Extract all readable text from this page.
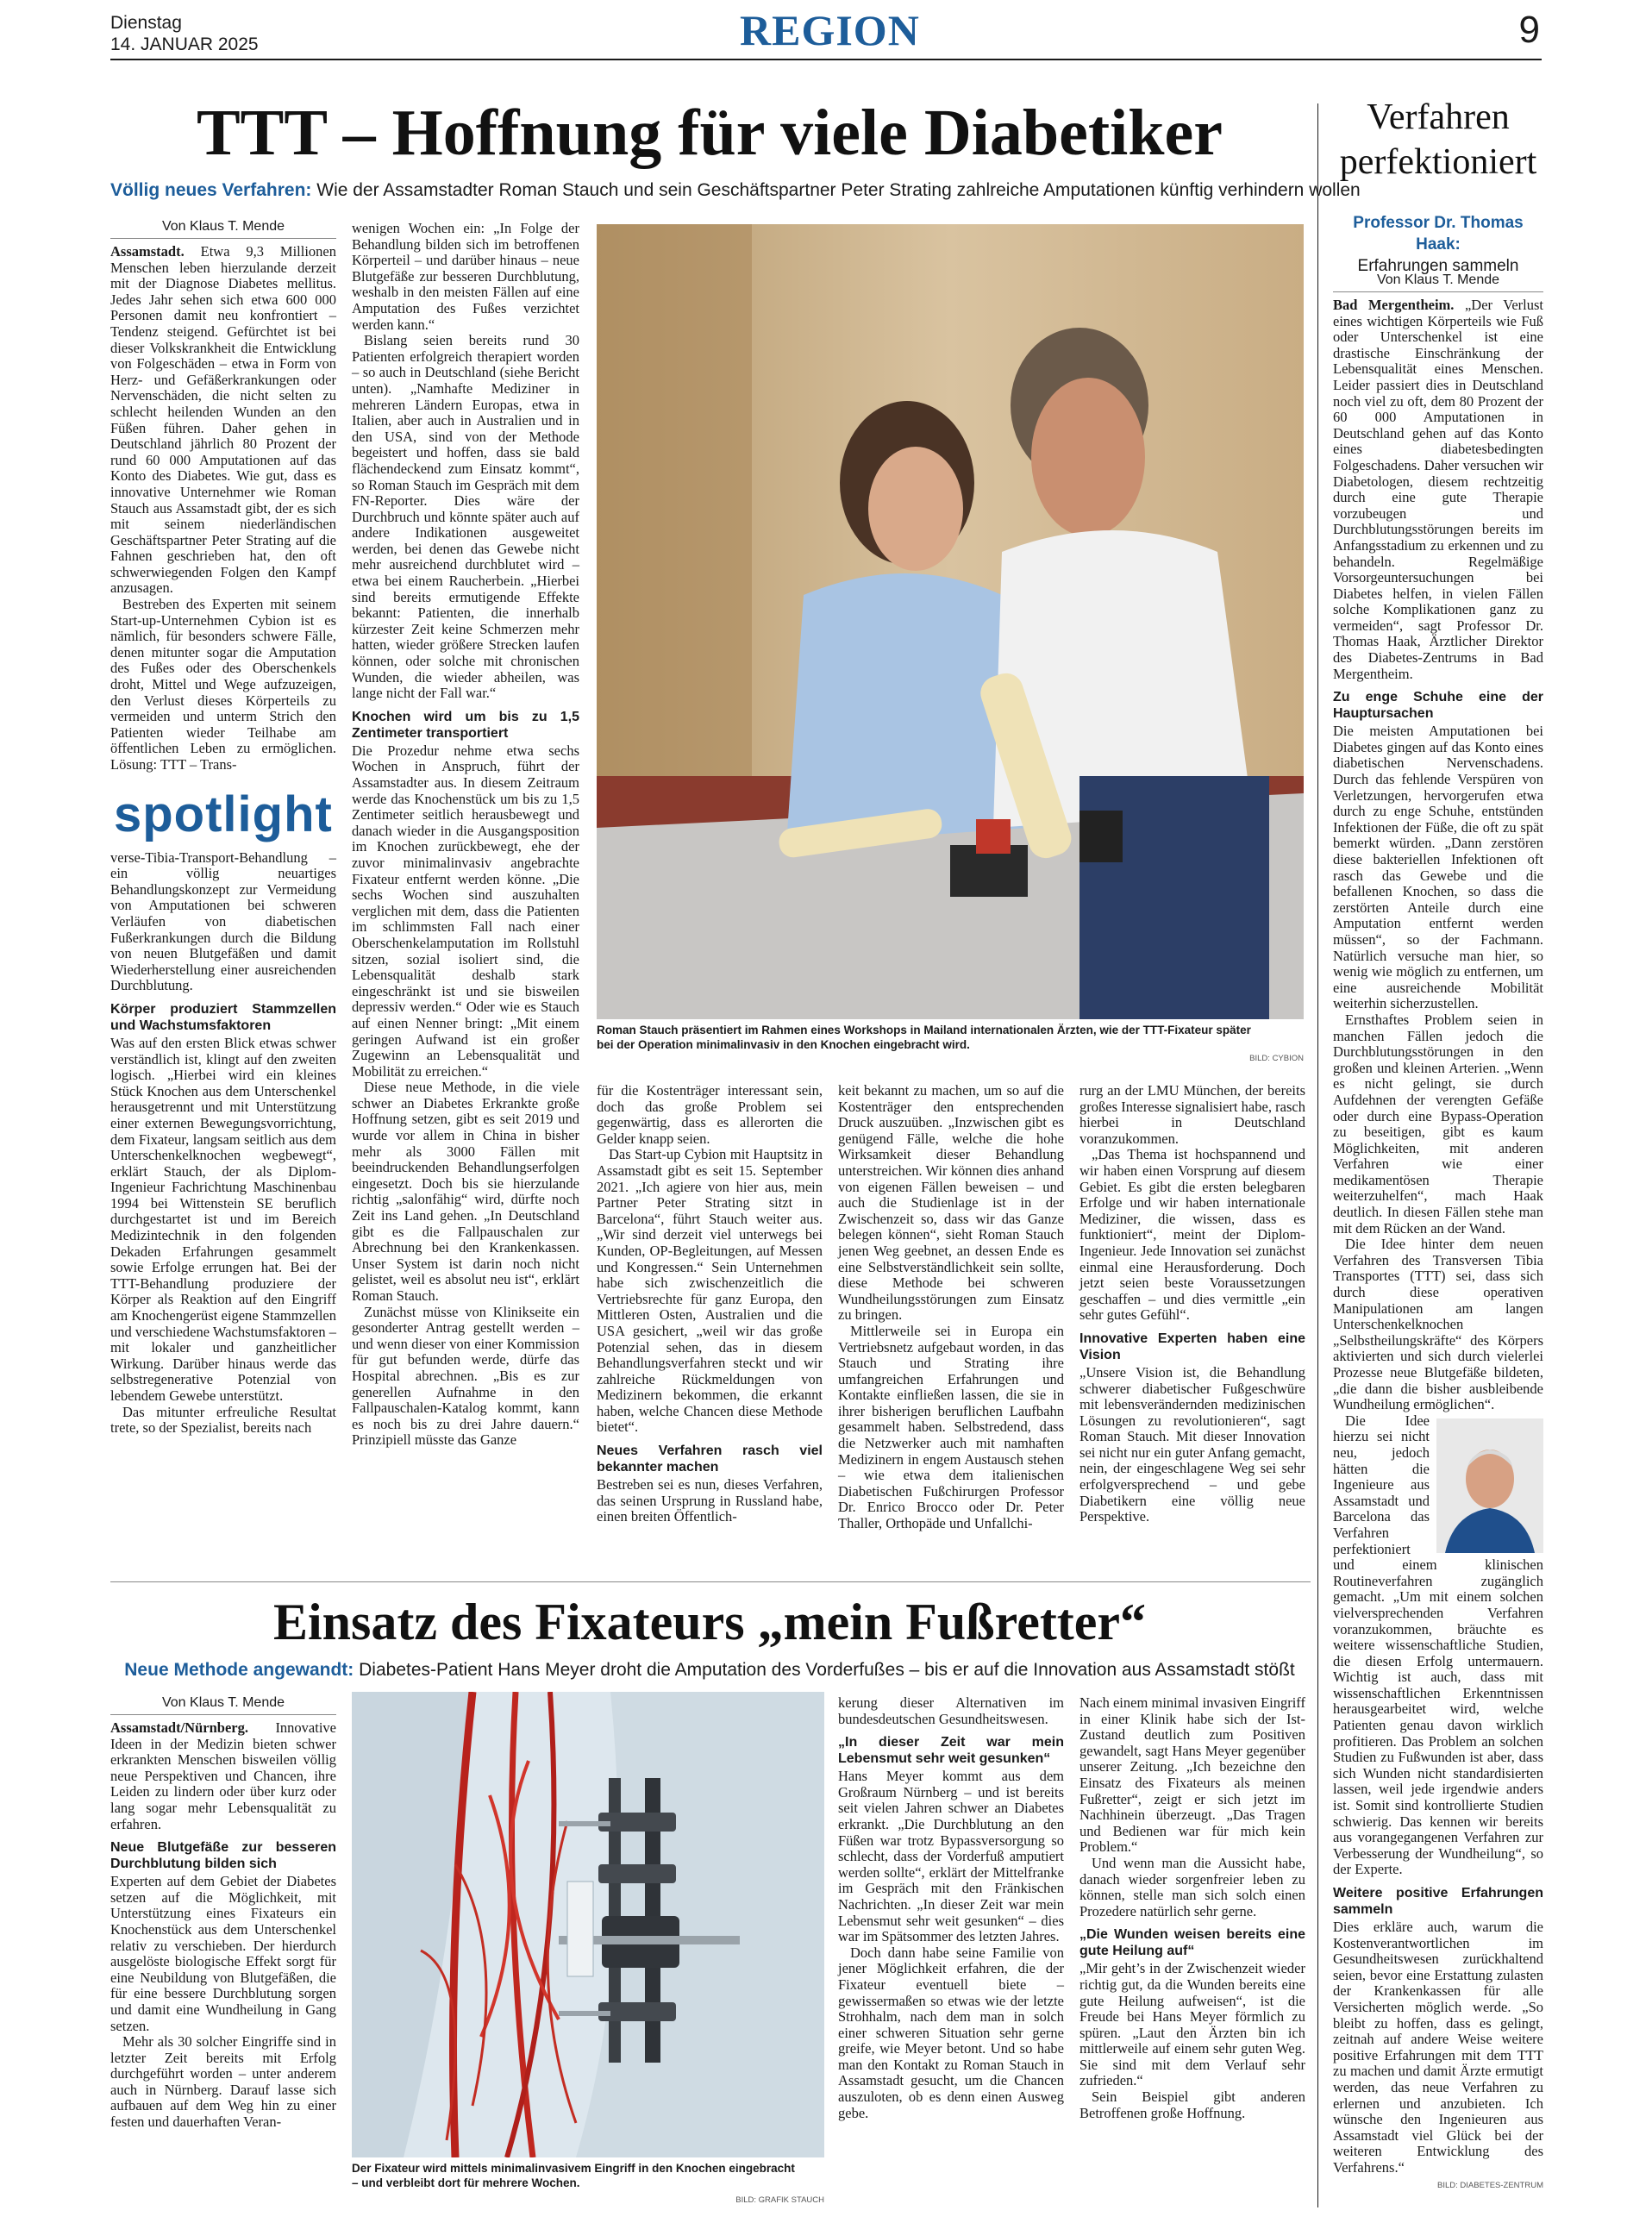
Dienstag
14. JANUAR 2025	REGION	9
TTT – Hoffnung für viele Diabetiker
Völlig neues Verfahren: Wie der Assamstadter Roman Stauch und sein Geschäftspartner Peter Strating zahlreiche Amputationen künftig verhindern wollen
Von Klaus T. Mende

Assamstadt. Etwa 9,3 Millionen Menschen leben hierzulande derzeit mit der Diagnose Diabetes mellitus. Jedes Jahr sehen sich etwa 600 000 Personen damit neu konfrontiert – Tendenz steigend. Gefürchtet ist bei dieser Volkskrankheit die Entwicklung von Folgeschäden – etwa in Form von Herz- und Gefäßerkrankungen oder Nervenschäden, die nicht selten zu schlecht heilenden Wunden an den Füßen führen. Daher gehen in Deutschland jährlich 80 Prozent der rund 60 000 Amputationen auf das Konto des Diabetes. Wie gut, dass es innovative Unternehmer wie Roman Stauch aus Assamstadt gibt, der es sich mit seinem niederländischen Geschäftspartner Peter Strating auf die Fahnen geschrieben hat, den oft schwerwiegenden Folgen den Kampf anzusagen.

Bestreben des Experten mit seinem Start-up-Unternehmen Cybion ist es nämlich, für besonders schwere Fälle, denen mitunter sogar die Amputation des Fußes oder des Oberschenkels droht, Mittel und Wege aufzuzeigen, den Verlust dieses Körperteils zu vermeiden und unterm Strich den Patienten wieder Teilhabe am öffentlichen Leben zu ermöglichen. Lösung: TTT – Trans-

spotlight

verse-Tibia-Transport-Behandlung – ein völlig neuartiges Behandlungskonzept zur Vermeidung von Amputationen bei schweren Verläufen von diabetischen Fußerkrankungen durch die Bildung von neuen Blutgefäßen und damit Wiederherstellung einer ausreichenden Durchblutung.

Körper produziert Stammzellen und Wachstumsfaktoren

Was auf den ersten Blick etwas schwer verständlich ist, klingt auf den zweiten logisch. „Hierbei wird ein kleines Stück Knochen aus dem Unterschenkel herausgetrennt und mit Unterstützung einer externen Bewegungsvorrichtung, dem Fixateur, langsam seitlich aus dem Unterschenkelknochen wegbewegt“, erklärt Stauch, der als Diplom-Ingenieur Fachrichtung Maschinenbau 1994 bei Wittenstein SE beruflich durchgestartet ist und im Bereich Medizintechnik in den folgenden Dekaden Erfahrungen gesammelt sowie Erfolge errungen hat. Bei der TTT-Behandlung produziere der Körper als Reaktion auf den Eingriff am Knochengerüst eigene Stammzellen und verschiedene Wachstumsfaktoren – mit lokaler und ganzheitlicher Wirkung. Darüber hinaus werde das selbstregenerative Potenzial von lebendem Gewebe unterstützt.

Das mitunter erfreuliche Resultat trete, so der Spezialist, bereits nach

wenigen Wochen ein: „In Folge der Behandlung bilden sich im betroffenen Körperteil – und darüber hinaus – neue Blutgefäße zur besseren Durchblutung, weshalb in den meisten Fällen auf eine Amputation des Fußes verzichtet werden kann.“

Bislang seien bereits rund 30 Patienten erfolgreich therapiert worden – so auch in Deutschland (siehe Bericht unten). „Namhafte Mediziner in mehreren Ländern Europas, etwa in Italien, aber auch in Australien und in den USA, sind von der Methode begeistert und hoffen, dass sie bald flächendeckend zum Einsatz kommt“, so Roman Stauch im Gespräch mit dem FN-Reporter. Dies wäre der Durchbruch und könnte später auch auf andere Indikationen ausgeweitet werden, bei denen das Gewebe nicht mehr ausreichend durchblutet wird – etwa bei einem Raucherbein. „Hierbei sind bereits ermutigende Effekte bekannt: Patienten, die innerhalb kürzester Zeit keine Schmerzen mehr hatten, wieder größere Strecken laufen können, oder solche mit chronischen Wunden, die wieder abheilen, was lange nicht der Fall war.“

Knochen wird um bis zu 1,5 Zentimeter transportiert

Die Prozedur nehme etwa sechs Wochen in Anspruch, führt der Assamstadter aus. In diesem Zeitraum werde das Knochenstück um bis zu 1,5 Zentimeter seitlich herausbewegt und danach wieder in die Ausgangsposition im Knochen zurückbewegt, ehe der zuvor minimalinvasiv angebrachte Fixateur entfernt werden könne. „Die sechs Wochen sind auszuhalten verglichen mit dem, dass die Patienten im schlimmsten Fall nach einer Oberschenkelamputation im Rollstuhl sitzen, sozial isoliert sind, die Lebensqualität deshalb stark eingeschränkt ist und sie bisweilen depressiv werden.“ Oder wie es Stauch auf einen Nenner bringt: „Mit einem geringen Aufwand ist ein großer Zugewinn an Lebensqualität und Mobilität zu erreichen.“

Diese neue Methode, in die viele schwer an Diabetes Erkrankte große Hoffnung setzen, gibt es seit 2019 und wurde vor allem in China in bisher mehr als 3000 Fällen mit beeindruckenden Behandlungserfolgen eingesetzt. Doch bis sie hierzulande richtig „salonfähig“ wird, dürfte noch Zeit ins Land gehen. „In Deutschland gibt es die Fallpauschalen zur Abrechnung bei den Krankenkassen. Unser System ist darin noch nicht gelistet, weil es absolut neu ist“, erklärt Roman Stauch.

Zunächst müsse von Klinikseite ein gesonderter Antrag gestellt werden – und wenn dieser von einer Kommission für gut befunden werde, dürfe das Hospital abrechnen. „Bis es zur generellen Aufnahme in den Fallpauschalen-Katalog kommt, kann es noch bis zu drei Jahre dauern.“ Prinzipiell müsste das Ganze

Roman Stauch präsentiert im Rahmen eines Workshops in Mailand internationalen Ärzten, wie der TTT-Fixateur später bei der Operation minimalinvasiv in den Knochen eingebracht wird.
BILD: CYBION

für die Kostenträger interessant sein, doch das große Problem sei gegenwärtig, dass es allerorten die Gelder knapp seien.

Das Start-up Cybion mit Hauptsitz in Assamstadt gibt es seit 15. September 2021. „Ich agiere von hier aus, mein Partner Peter Strating sitzt in Barcelona“, führt Stauch weiter aus. „Wir sind derzeit viel unterwegs bei Kunden, OP-Begleitungen, auf Messen und Kongressen.“ Sein Unternehmen habe sich zwischenzeitlich die Vertriebsrechte für ganz Europa, den Mittleren Osten, Australien und die USA gesichert, „weil wir das große Potenzial sehen, das in diesem Behandlungsverfahren steckt und wir zahlreiche Rückmeldungen von Medizinern bekommen, die erkannt haben, welche Chancen diese Methode bietet“.

Neues Verfahren rasch viel bekannter machen

Bestreben sei es nun, dieses Verfahren, das seinen Ursprung in Russland habe, einen breiten Öffentlich-

keit bekannt zu machen, um so auf die Kostenträger den entsprechenden Druck auszuüben. „Inzwischen gibt es genügend Fälle, welche die hohe Wirksamkeit dieser Behandlung unterstreichen. Wir können dies anhand von eigenen Fällen beweisen – und auch die Studienlage ist in der Zwischenzeit so, dass wir das Ganze belegen können“, sieht Roman Stauch jenen Weg geebnet, an dessen Ende es eine Selbstverständlichkeit sein sollte, diese Methode bei schweren Wundheilungsstörungen zum Einsatz zu bringen.

Mittlerweile sei in Europa ein Vertriebsnetz aufgebaut worden, in das Stauch und Strating ihre umfangreichen Erfahrungen und Kontakte einfließen lassen, die sie in ihrer bisherigen beruflichen Laufbahn gesammelt haben. Selbstredend, dass die Netzwerker auch mit namhaften Medizinern in engem Austausch stehen – wie etwa dem italienischen Diabetischen Fußchirurgen Professor Dr. Enrico Brocco oder Dr. Peter Thaller, Orthopäde und Unfallchi-

rurg an der LMU München, der bereits großes Interesse signalisiert habe, rasch hierbei in Deutschland voranzukommen.

„Das Thema ist hochspannend und wir haben einen Vorsprung auf diesem Gebiet. Es gibt die ersten belegbaren Erfolge und wir haben internationale Mediziner, die wissen, dass es funktioniert“, meint der Diplom-Ingenieur. Jede Innovation sei zunächst einmal eine Herausforderung. Doch jetzt seien beste Voraussetzungen geschaffen – und dies vermittle „ein sehr gutes Gefühl“.

Innovative Experten haben eine Vision

„Unsere Vision ist, die Behandlung schwerer diabetischer Fußgeschwüre mit lebensverändernden medizinischen Lösungen zu revolutionieren“, sagt Roman Stauch. Mit dieser Innovation sei nicht nur ein guter Anfang gemacht, nein, der eingeschlagene Weg sei sehr erfolgversprechend – und gebe Diabetikern eine völlig neue Perspektive.

Einsatz des Fixateurs „mein Fußretter“
Neue Methode angewandt: Diabetes-Patient Hans Meyer droht die Amputation des Vorderfußes – bis er auf die Innovation aus Assamstadt stößt
Von Klaus T. Mende

Assamstadt/Nürnberg. Innovative Ideen in der Medizin bieten schwer erkrankten Menschen bisweilen völlig neue Perspektiven und Chancen, ihre Leiden zu lindern oder über kurz oder lang sogar mehr Lebensqualität zu erfahren.

Neue Blutgefäße zur besseren Durchblutung bilden sich

Experten auf dem Gebiet der Diabetes setzen auf die Möglichkeit, mit Unterstützung eines Fixateurs ein Knochenstück aus dem Unterschenkel relativ zu verschieben. Der hierdurch ausgelöste biologische Effekt sorgt für eine Neubildung von Blutgefäßen, die für eine bessere Durchblutung sorgen und damit eine Wundheilung in Gang setzen.

Mehr als 30 solcher Eingriffe sind in letzter Zeit bereits mit Erfolg durchgeführt worden – unter anderem auch in Nürnberg. Darauf lasse sich aufbauen auf dem Weg hin zu einer festen und dauerhaften Veran-

Der Fixateur wird mittels minimalinvasivem Eingriff in den Knochen eingebracht – und verbleibt dort für mehrere Wochen.
BILD: GRAFIK STAUCH

kerung dieser Alternativen im bundesdeutschen Gesundheitswesen.

„In dieser Zeit war mein Lebensmut sehr weit gesunken“

Hans Meyer kommt aus dem Großraum Nürnberg – und ist bereits seit vielen Jahren schwer an Diabetes erkrankt. „Die Durchblutung an den Füßen war trotz Bypassversorgung so schlecht, dass der Vorderfuß amputiert werden sollte“, erklärt der Mittelfranke im Gespräch mit den Fränkischen Nachrichten. „In dieser Zeit war mein Lebensmut sehr weit gesunken“ – dies war im Spätsommer des letzten Jahres.

Doch dann habe seine Familie von jener Möglichkeit erfahren, die der Fixateur eventuell biete – gewissermaßen so etwas wie der letzte Strohhalm, nach dem man in solch einer schweren Situation sehr gerne greife, wie Meyer betont. Und so habe man den Kontakt zu Roman Stauch in Assamstadt gesucht, um die Chancen auszuloten, ob es denn einen Ausweg gebe.

Nach einem minimal invasiven Eingriff in einer Klinik habe sich der Ist-Zustand deutlich zum Positiven gewandelt, sagt Hans Meyer gegenüber unserer Zeitung. „Ich bezeichne den Einsatz des Fixateurs als meinen Fußretter“, zeigt er sich jetzt im Nachhinein überzeugt. „Das Tragen und Bedienen war für mich kein Problem.“

Und wenn man die Aussicht habe, danach wieder sorgenfreier leben zu können, stelle man sich solch einen Prozedere natürlich sehr gerne.

„Die Wunden weisen bereits eine gute Heilung auf“

„Mir geht’s in der Zwischenzeit wieder richtig gut, da die Wunden bereits eine gute Heilung aufweisen“, ist die Freude bei Hans Meyer förmlich zu spüren. „Laut den Ärzten bin ich mittlerweile auf einem sehr guten Weg. Sie sind mit dem Verlauf sehr zufrieden.“

Sein Beispiel gibt anderen Betroffenen große Hoffnung.

Verfahren perfektioniert
Professor Dr. Thomas Haak:
Erfahrungen sammeln
Von Klaus T. Mende

Bad Mergentheim. „Der Verlust eines wichtigen Körperteils wie Fuß oder Unterschenkel ist eine drastische Einschränkung der Lebensqualität eines Menschen. Leider passiert dies in Deutschland noch viel zu oft, dem 80 Prozent der 60 000 Amputationen in Deutschland gehen auf das Konto eines diabetesbedingten Folgeschadens. Daher versuchen wir Diabetologen, diesem rechtzeitig durch eine gute Therapie vorzubeugen und Durchblutungsstörungen bereits im Anfangsstadium zu erkennen und zu behandeln. Regelmäßige Vorsorgeuntersuchungen bei Diabetes helfen, in vielen Fällen solche Komplikationen ganz zu vermeiden“, sagt Professor Dr. Thomas Haak, Ärztlicher Direktor des Diabetes-Zentrums in Bad Mergentheim.

Zu enge Schuhe eine der Hauptursachen

Die meisten Amputationen bei Diabetes gingen auf das Konto eines diabetischen Nervenschadens. Durch das fehlende Verspüren von Verletzungen, hervorgerufen etwa durch zu enge Schuhe, entstünden Infektionen der Füße, die oft zu spät bemerkt würden. „Dann zerstören diese bakteriellen Infektionen oft rasch das Gewebe und die befallenen Knochen, so dass die zerstörten Anteile durch eine Amputation entfernt werden müssen“, so der Fachmann. Natürlich versuche man hier, so wenig wie möglich zu entfernen, um eine ausreichende Mobilität weiterhin sicherzustellen.

Ernsthaftes Problem seien in manchen Fällen jedoch die Durchblutungsstörungen in den großen und kleinen Arterien. „Wenn es nicht gelingt, sie durch Aufdehnen der verengten Gefäße oder durch eine Bypass-Operation zu beseitigen, gibt es kaum Möglichkeiten, mit anderen Verfahren wie einer medikamentösen Therapie weiterzuhelfen“, mach Haak deutlich. In diesen Fällen stehe man mit dem Rücken an der Wand.

Die Idee hinter dem neuen Verfahren des Transversen Tibia Transportes (TTT) sei, dass sich durch diese operativen Manipulationen am langen Unterschenkelknochen „Selbstheilungskräfte“ des Körpers aktivierten und sich durch vielerlei Prozesse neue Blutgefäße bildeten, „die dann die bisher ausbleibende Wundheilung ermöglichen“.

Die Idee hierzu sei nicht neu, jedoch hätten die Ingenieure aus Assamstadt und Barcelona das Verfahren perfektioniert und einem klinischen Routineverfahren zugänglich gemacht. „Um mit einem solchen vielversprechenden Verfahren voranzukommen, bräuchte es weitere wissenschaftliche Studien, die diesen Erfolg untermauern. Wichtig ist auch, dass mit wissenschaftlichen Erkenntnissen herausgearbeitet wird, welche Patienten genau davon wirklich profitieren. Das Problem an solchen Studien zu Fußwunden ist aber, dass sich Wunden nicht standardisierten lassen, weil jede irgendwie anders ist. Somit sind kontrollierte Studien schwierig. Das kennen wir bereits aus vorangegangenen Verfahren zur Verbesserung der Wundheilung“, so der Experte.

Weitere positive Erfahrungen sammeln

Dies erkläre auch, warum die Kostenverantwortlichen im Gesundheitswesen zurückhaltend seien, bevor eine Erstattung zulasten der Krankenkassen für alle Versicherten möglich werde. „So bleibt zu hoffen, dass es gelingt, zeitnah auf andere Weise weitere positive Erfahrungen mit dem TTT zu machen und damit Ärzte ermutigt werden, das neue Verfahren zu erlernen und anzubieten. Ich wünsche den Ingenieuren aus Assamstadt viel Glück bei der weiteren Entwicklung des Verfahrens.“

BILD: DIABETES-ZENTRUM
